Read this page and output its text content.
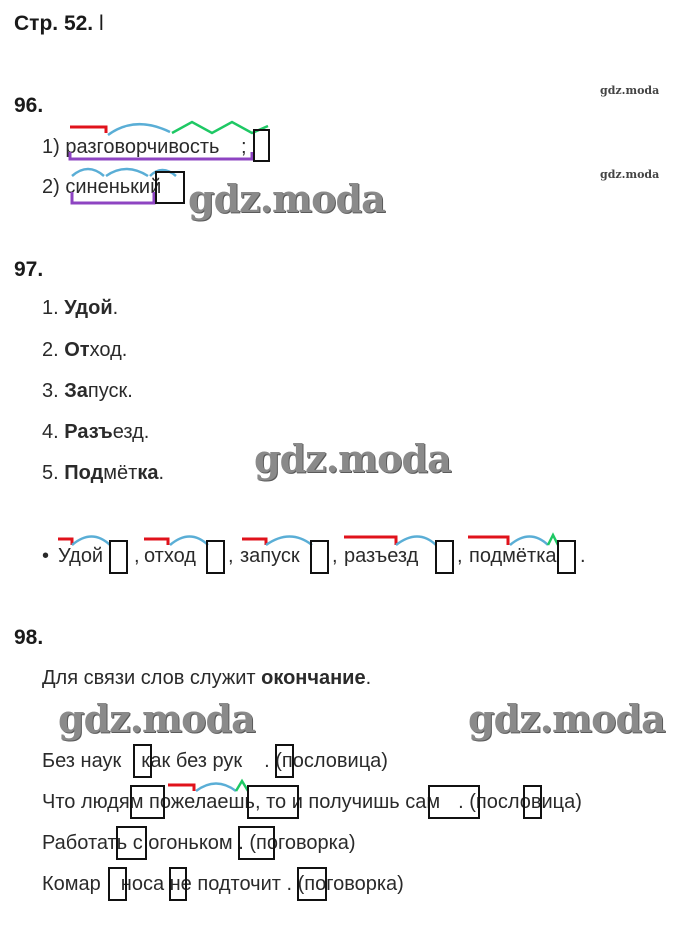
Стр. 52. l
gdz.moda
gdz.moda
96.
1) разговорчивость ;
2) синенький gdz.moda
97.
1. Удой.
2. Отход.
3. Запуск.
4. Разъезд.
5. Подмётка. gdz.moda
• Удой , отход , запуск , разъезд , подмётка .
98.
Для связи слов служит окончание.
gdz.moda	gdz.moda
Без наук как без рук . (пословица)
Что людям пожелаешь, то и получишь сам . (пословица)
Работать с огоньком . (поговорка)
Комар носа не подточит . (поговорка)
